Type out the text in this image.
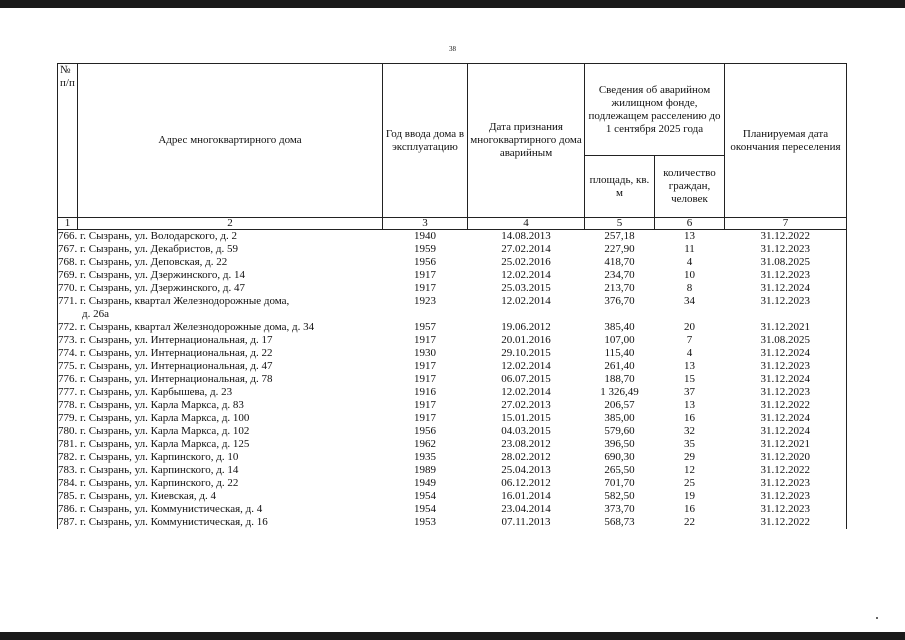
38
№ п/п	Адрес многоквартирного дома	Год ввода дома в эксплуатацию	Дата признания многоквартирного дома аварийным	Сведения об аварийном жилищном фонде, подлежащем расселению до 1 сентября 2025 года		Планируемая дата окончания переселения
				площадь, кв. м	количество граждан, человек	
1	2	3	4	5	6	7
766. г. Сызрань, ул. Володарского, д. 2		1940	14.08.2013	257,18	13	31.12.2022
767. г. Сызрань, ул. Декабристов, д. 59		1959	27.02.2014	227,90	11	31.12.2023
768. г. Сызрань, ул. Деповская, д. 22		1956	25.02.2016	418,70	4	31.08.2025
769. г. Сызрань, ул. Дзержинского, д. 14		1917	12.02.2014	234,70	10	31.12.2023
770. г. Сызрань, ул. Дзержинского, д. 47		1917	25.03.2015	213,70	8	31.12.2024
771. г. Сызрань, квартал Железнодорожные дома,
д. 26а		1923	12.02.2014	376,70	34	31.12.2023
772. г. Сызрань, квартал Железнодорожные дома, д. 34		1957	19.06.2012	385,40	20	31.12.2021
773. г. Сызрань, ул. Интернациональная, д. 17		1917	20.01.2016	107,00	7	31.08.2025
774. г. Сызрань, ул. Интернациональная, д. 22		1930	29.10.2015	115,40	4	31.12.2024
775. г. Сызрань, ул. Интернациональная, д. 47		1917	12.02.2014	261,40	13	31.12.2023
776. г. Сызрань, ул. Интернациональная, д. 78		1917	06.07.2015	188,70	15	31.12.2024
777. г. Сызрань, ул. Карбышева, д. 23		1916	12.02.2014	1 326,49	37	31.12.2023
778. г. Сызрань, ул. Карла Маркса, д. 83		1917	27.02.2013	206,57	13	31.12.2022
779. г. Сызрань, ул. Карла Маркса, д. 100		1917	15.01.2015	385,00	16	31.12.2024
780. г. Сызрань, ул. Карла Маркса, д. 102		1956	04.03.2015	579,60	32	31.12.2024
781. г. Сызрань, ул. Карла Маркса, д. 125		1962	23.08.2012	396,50	35	31.12.2021
782. г. Сызрань, ул. Карпинского, д. 10		1935	28.02.2012	690,30	29	31.12.2020
783. г. Сызрань, ул. Карпинского, д. 14		1989	25.04.2013	265,50	12	31.12.2022
784. г. Сызрань, ул. Карпинского, д. 22		1949	06.12.2012	701,70	25	31.12.2023
785. г. Сызрань, ул. Киевская, д. 4		1954	16.01.2014	582,50	19	31.12.2023
786. г. Сызрань, ул. Коммунистическая, д. 4		1954	23.04.2014	373,70	16	31.12.2023
787. г. Сызрань, ул. Коммунистическая, д. 16		1953	07.11.2013	568,73	22	31.12.2022
